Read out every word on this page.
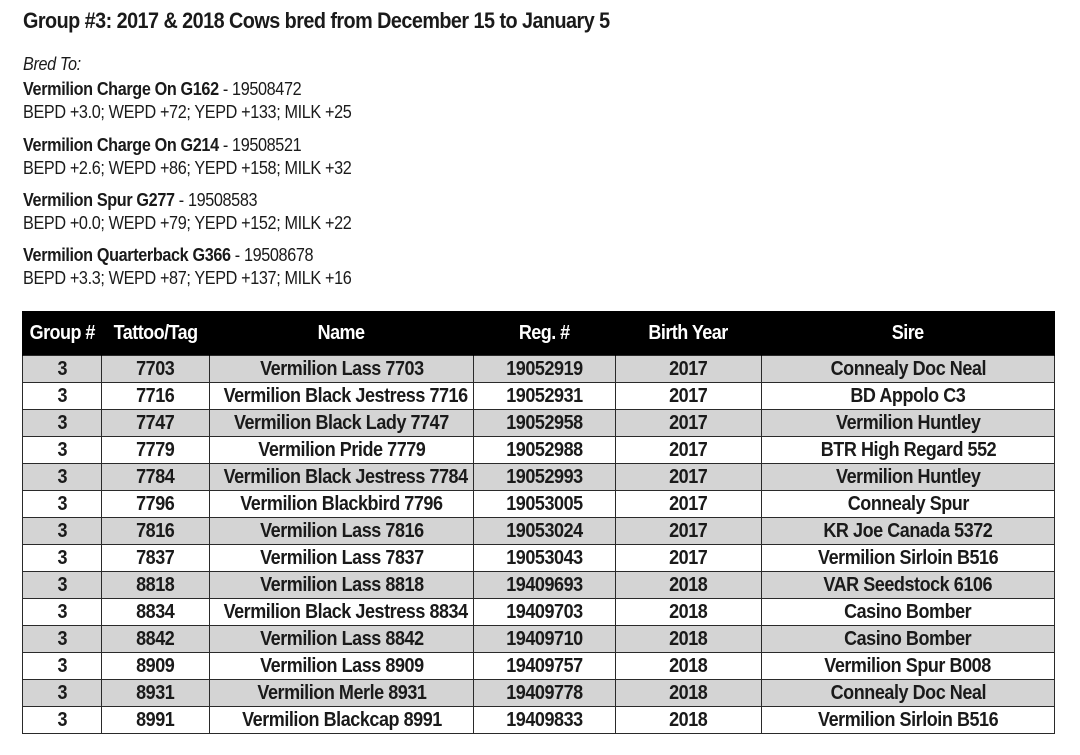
Group #3: 2017 & 2018 Cows bred from December 15 to January 5
Bred To:
Vermilion Charge On G162 - 19508472
BEPD +3.0; WEPD +72; YEPD +133; MILK +25
Vermilion Charge On G214 - 19508521
BEPD +2.6; WEPD +86; YEPD +158; MILK +32
Vermilion Spur G277 - 19508583
BEPD +0.0; WEPD +79; YEPD +152; MILK +22
Vermilion Quarterback G366 - 19508678
BEPD +3.3; WEPD +87; YEPD +137; MILK +16
Group #	Tattoo/Tag	Name	Reg. #	Birth Year	Sire
3	7703	Vermilion Lass 7703	19052919	2017	Connealy Doc Neal
3	7716	Vermilion Black Jestress 7716	19052931	2017	BD Appolo C3
3	7747	Vermilion Black Lady 7747	19052958	2017	Vermilion Huntley
3	7779	Vermilion Pride 7779	19052988	2017	BTR High Regard 552
3	7784	Vermilion Black Jestress 7784	19052993	2017	Vermilion Huntley
3	7796	Vermilion Blackbird 7796	19053005	2017	Connealy Spur
3	7816	Vermilion Lass 7816	19053024	2017	KR Joe Canada 5372
3	7837	Vermilion Lass 7837	19053043	2017	Vermilion Sirloin B516
3	8818	Vermilion Lass 8818	19409693	2018	VAR Seedstock 6106
3	8834	Vermilion Black Jestress 8834	19409703	2018	Casino Bomber
3	8842	Vermilion Lass 8842	19409710	2018	Casino Bomber
3	8909	Vermilion Lass 8909	19409757	2018	Vermilion Spur B008
3	8931	Vermilion Merle 8931	19409778	2018	Connealy Doc Neal
3	8991	Vermilion Blackcap 8991	19409833	2018	Vermilion Sirloin B516
